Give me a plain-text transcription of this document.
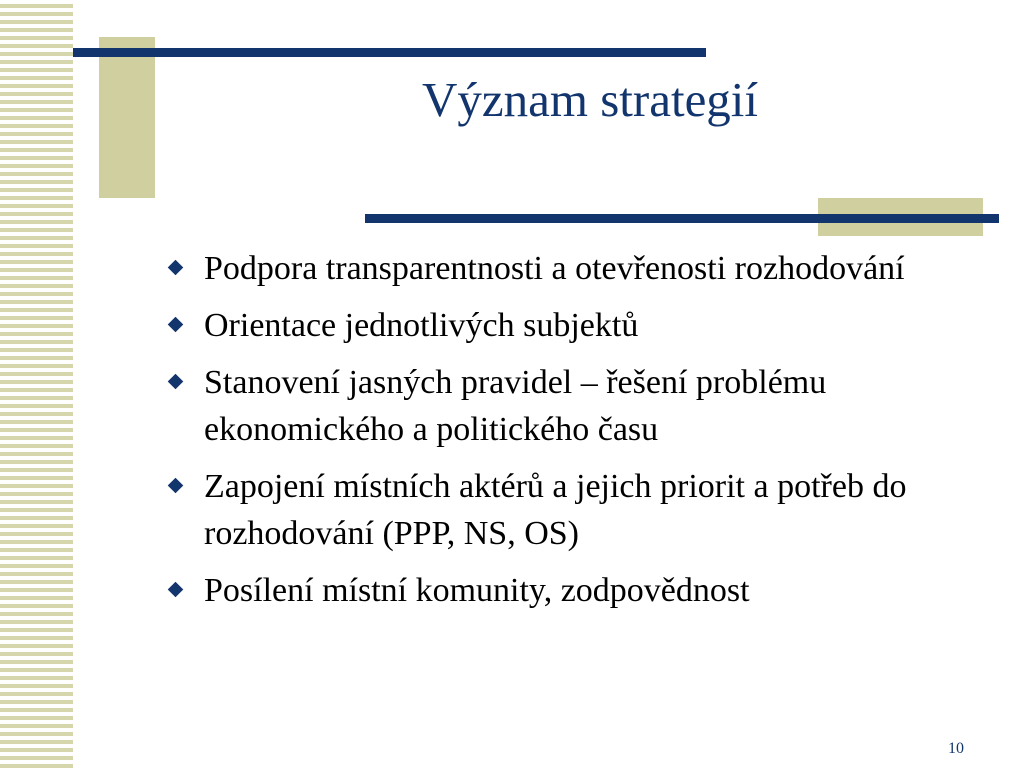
Význam strategií
Podpora transparentnosti a otevřenosti rozhodování
Orientace jednotlivých subjektů
Stanovení jasných pravidel – řešení problému ekonomického a politického času
Zapojení místních aktérů a jejich priorit a potřeb do rozhodování (PPP, NS, OS)
Posílení místní komunity, zodpovědnost
10
